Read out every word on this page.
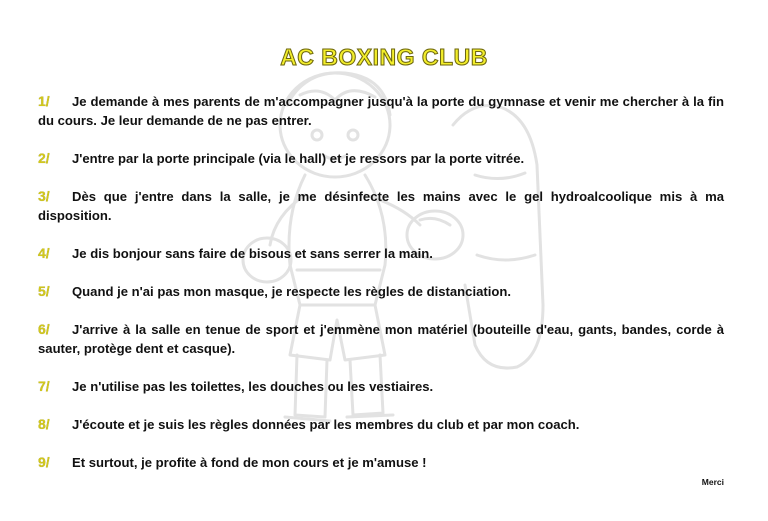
AC BOXING CLUB

1/ Je demande à mes parents de m'accompagner jusqu'à la porte du gymnase et venir me chercher à la fin du cours. Je leur demande de ne pas entrer.

2/ J'entre par la porte principale (via le hall) et je ressors par la porte vitrée.

3/ Dès que j'entre dans la salle, je me désinfecte les mains avec le gel hydroalcoolique mis à ma disposition.

4/ Je dis bonjour sans faire de bisous et sans serrer la main.

5/ Quand je n'ai pas mon masque, je respecte les règles de distanciation.

6/ J'arrive à la salle en tenue de sport et j'emmène mon matériel (bouteille d'eau, gants, bandes, corde à sauter, protège dent et casque).

7/ Je n'utilise pas les toilettes, les douches ou les vestiaires.

8/ J'écoute et je suis les règles données par les membres du club et par mon coach.

9/ Et surtout, je profite à fond de mon cours et je m'amuse !

Merci
